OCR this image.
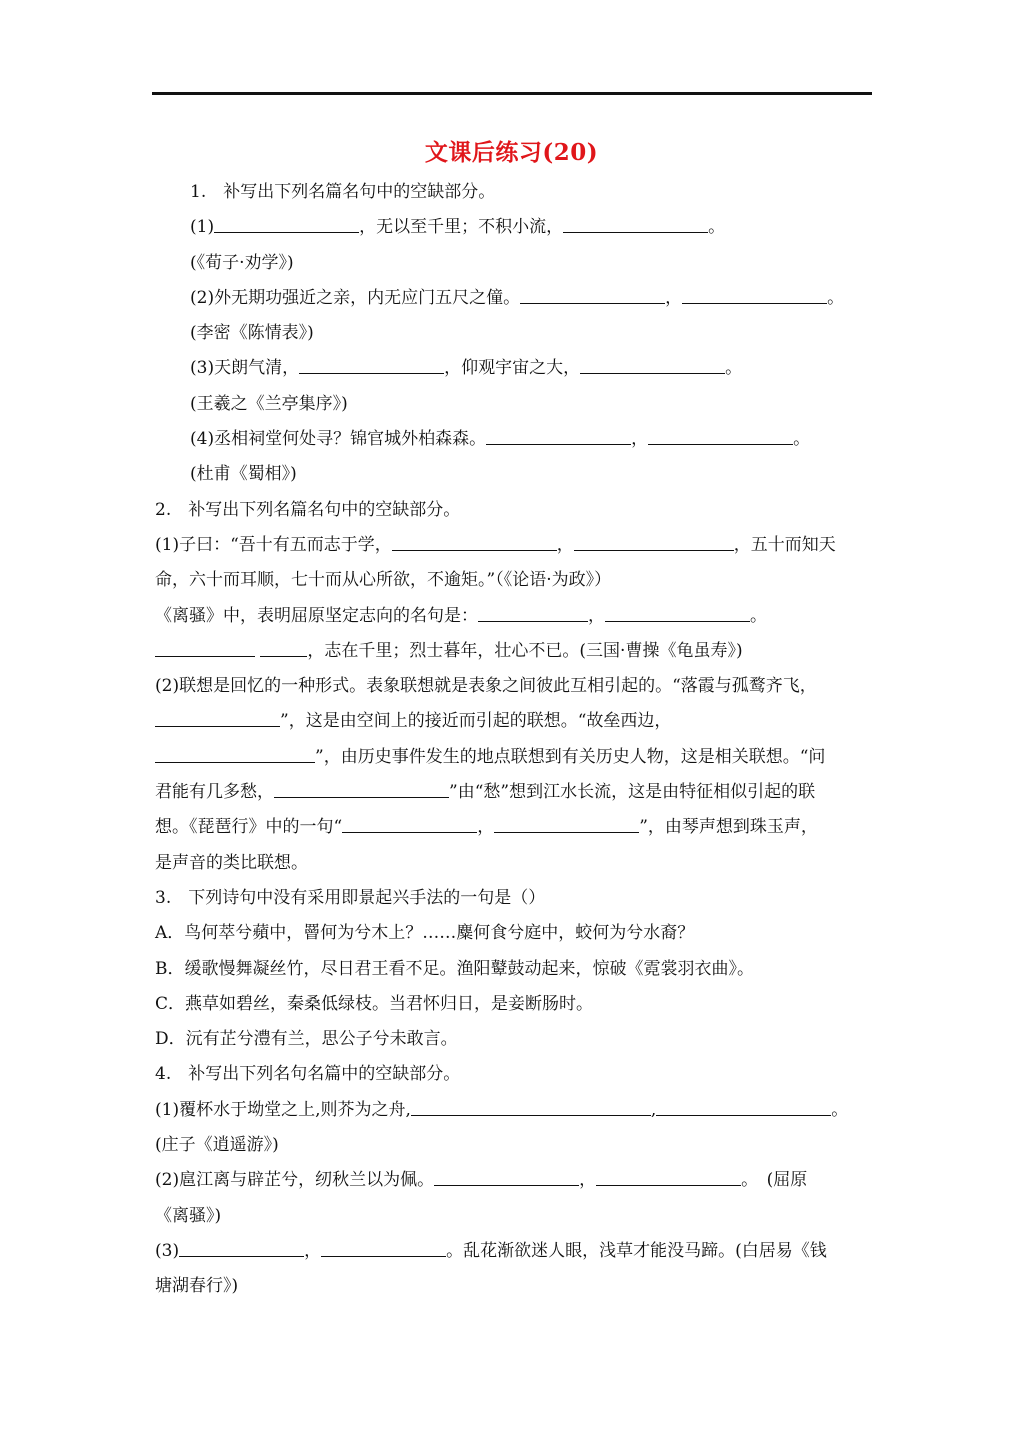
文课后练习(20)
1.　补写出下列名篇名句中的空缺部分。
(1)	，无以至千里；不积小流，	。
(《荀子·劝学》)
(2)外无期功强近之亲，内无应门五尺之僮。	，	。
(李密《陈情表》)
(3)天朗气清，	，仰观宇宙之大，	。
(王羲之《兰亭集序》)
(4)丞相祠堂何处寻？锦官城外柏森森。	，	。
(杜甫《蜀相》)
2.　补写出下列名篇名句中的空缺部分。
(1)子曰：“吾十有五而志于学，	，	，五十而知天
命，六十而耳顺，七十而从心所欲，不逾矩。”（《论语·为政》）
《离骚》中，表明屈原坚定志向的名句是：	，	。
，志在千里；烈士暮年，壮心不已。(三国·曹操《龟虽寿》)
(2)联想是回忆的一种形式。表象联想就是表象之间彼此互相引起的。“落霞与孤鹜齐飞，
”，这是由空间上的接近而引起的联想。“故垒西边，
”，由历史事件发生的地点联想到有关历史人物，这是相关联想。“问
君能有几多愁，	”由“愁”想到江水长流，这是由特征相似引起的联
想。《琵琶行》中的一句“	，	”，由琴声想到珠玉声，
是声音的类比联想。
3.　下列诗句中没有采用即景起兴手法的一句是（）
A．鸟何萃兮蘋中，罾何为兮木上？……麋何食兮庭中，蛟何为兮水裔？
B．缓歌慢舞凝丝竹，尽日君王看不足。渔阳鼙鼓动起来，惊破《霓裳羽衣曲》。
C．燕草如碧丝，秦桑低绿枝。当君怀归日，是妾断肠时。
D．沅有芷兮澧有兰，思公子兮未敢言。
4.　补写出下列名句名篇中的空缺部分。
(1)覆杯水于坳堂之上,则芥为之舟,	,	。
(庄子《逍遥游》)
(2)扈江离与辟芷兮，纫秋兰以为佩。	，	。　(屈原
《离骚》)
(3)	，	。乱花渐欲迷人眼，浅草才能没马蹄。(白居易《钱
塘湖春行》)
